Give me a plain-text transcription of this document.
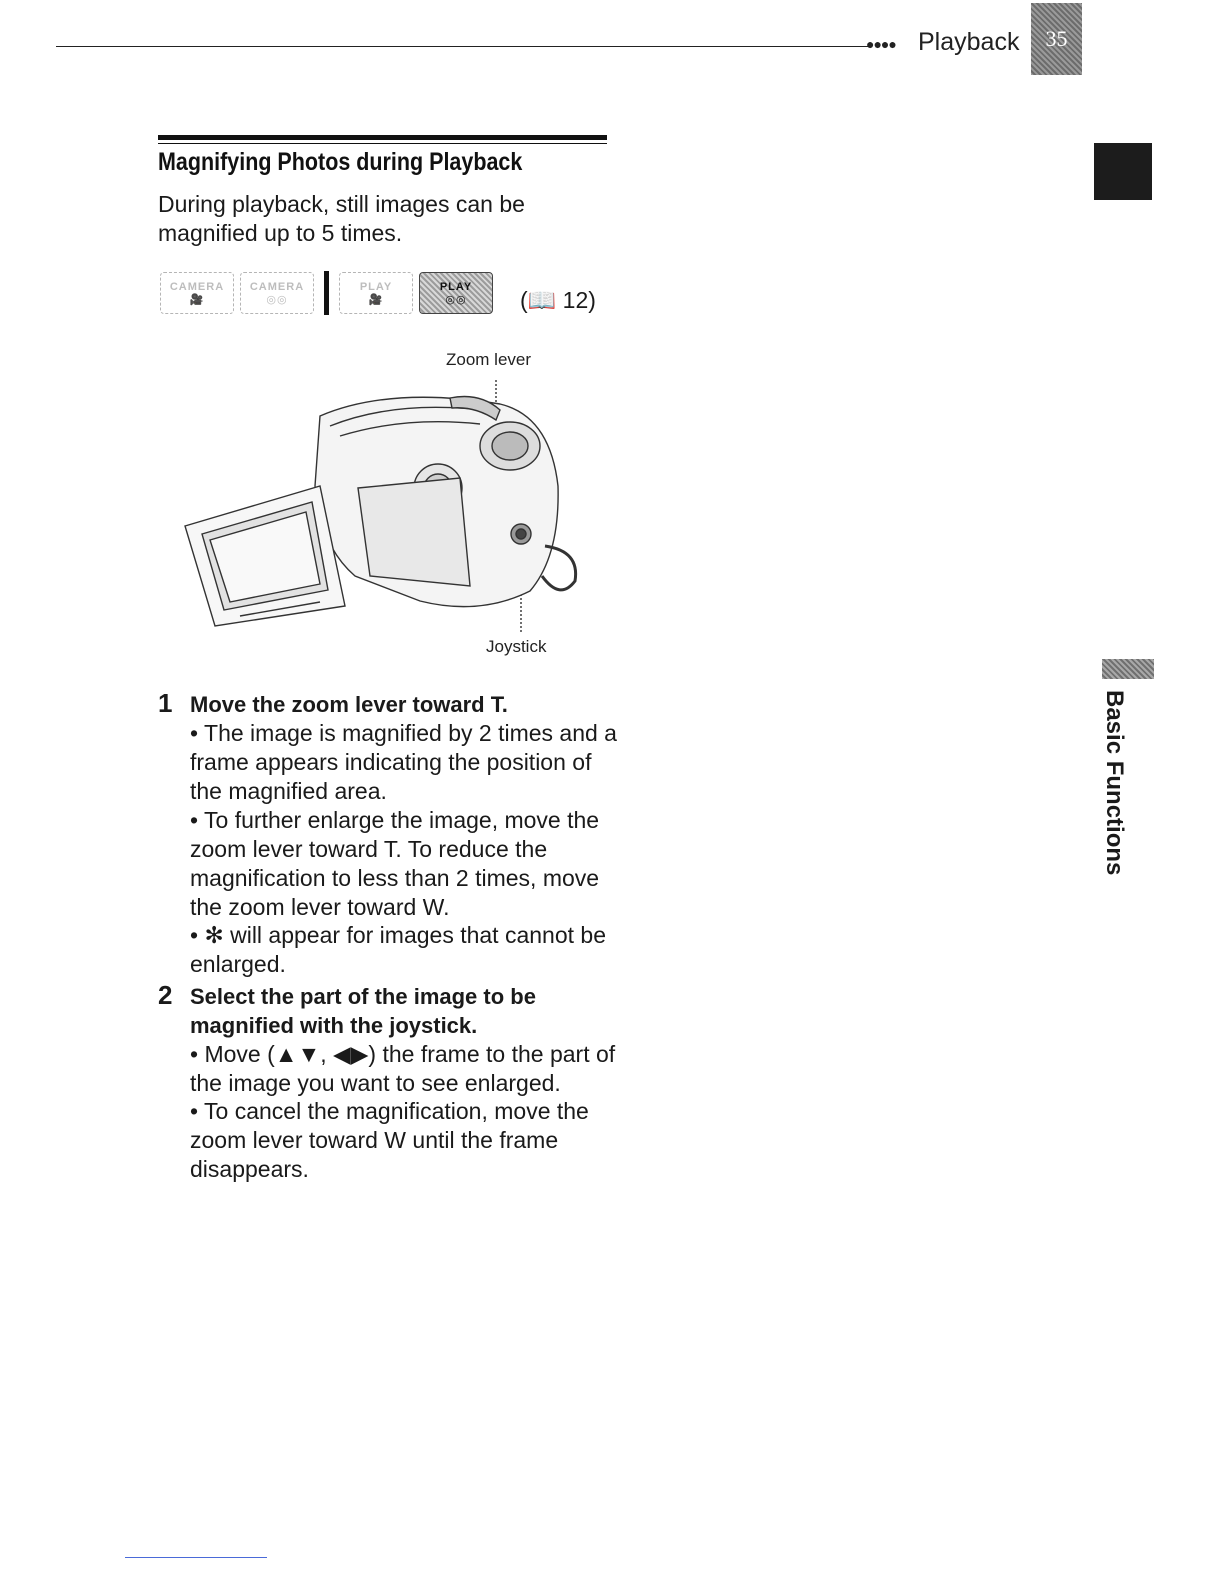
●●●● Playback 35
Basic Functions
Magnifying Photos during Playback
During playback, still images can be magnified up to 5 times.
CAMERA
🎥
CAMERA
◎◎
PLAY
🎥
PLAY
◎◎ (📖 12)
Zoom lever
Joystick
1 Move the zoom lever toward T.
• The image is magnified by 2 times and a frame appears indicating the position of the magnified area.
• To further enlarge the image, move the zoom lever toward T. To reduce the magnification to less than 2 times, move the zoom lever toward W.
• ✻ will appear for images that cannot be enlarged.
2 Select the part of the image to be magnified with the joystick.
• Move (▲▼, ◀▶) the frame to the part of the image you want to see enlarged.
• To cancel the magnification, move the zoom lever toward W until the frame disappears.
